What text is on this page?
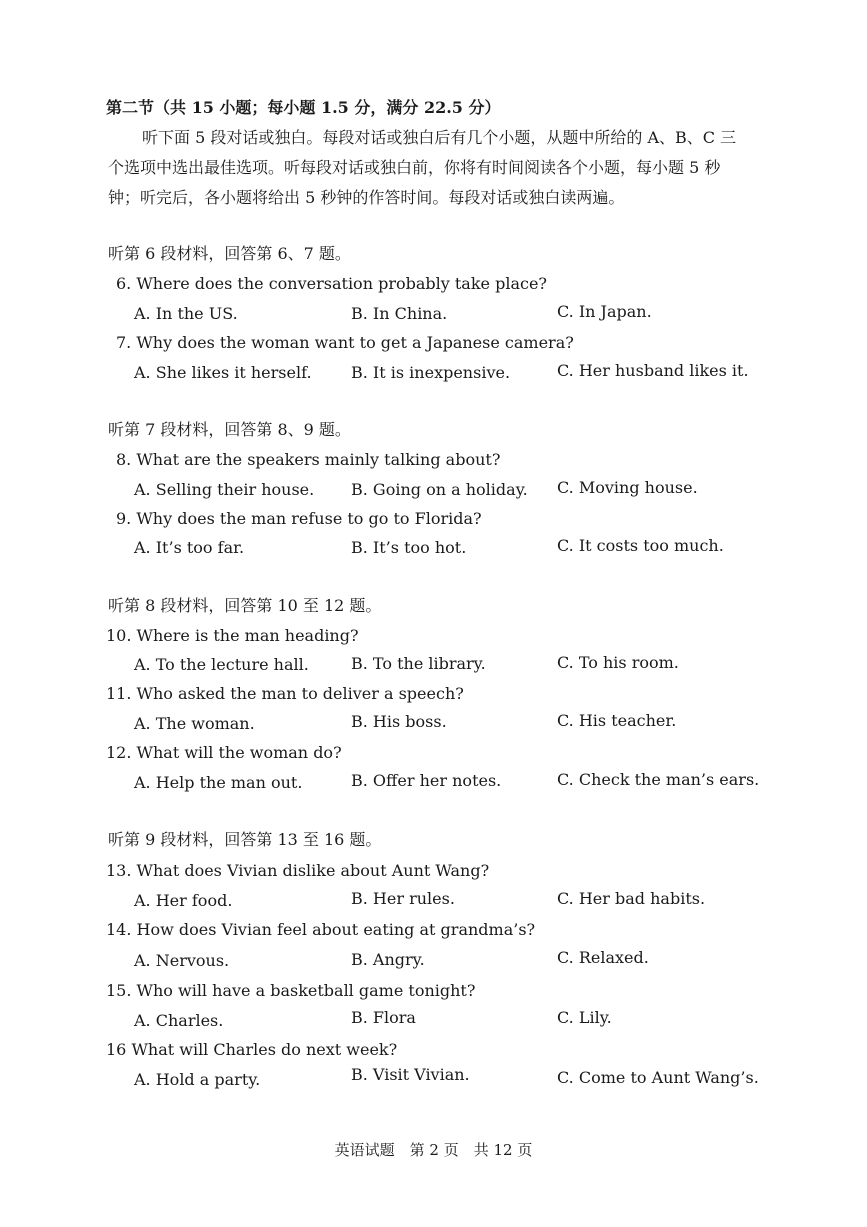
第二节（共 15 小题；每小题 1.5 分，满分 22.5 分）
听下面 5 段对话或独白。每段对话或独白后有几个小题，从题中所给的 A、B、C 三
个选项中选出最佳选项。听每段对话或独白前，你将有时间阅读各个小题，每小题 5 秒
钟；听完后，各小题将给出 5 秒钟的作答时间。每段对话或独白读两遍。
听第 6 段材料，回答第 6、7 题。
6. Where does the conversation probably take place?
A. In the US.	B. In China.	C. In Japan.
7. Why does the woman want to get a Japanese camera?
A. She likes it herself. B. It is inexpensive.	C. Her husband likes it.
听第 7 段材料，回答第 8、9 题。
8. What are the speakers mainly talking about?
A. Selling their house. B. Going on a holiday. C. Moving house.
9. Why does the man refuse to go to Florida?
A. It’s too far.	B. It’s too hot.	C. It costs too much.
听第 8 段材料，回答第 10 至 12 题。
10. Where is the man heading?
A. To the lecture hall.	B. To the library.	C. To his room.
11. Who asked the man to deliver a speech?
A. The woman.	B. His boss.	C. His teacher.
12. What will the woman do?
A. Help the man out.	B. Offer her notes.	C. Check the man’s ears.
听第 9 段材料，回答第 13 至 16 题。
13. What does Vivian dislike about Aunt Wang?
A. Her food.	B. Her rules.	C. Her bad habits.
14. How does Vivian feel about eating at grandma’s?
A. Nervous.	B. Angry.	C. Relaxed.
15. Who will have a basketball game tonight?
A. Charles.	B. Flora	C. Lily.
16 What will Charles do next week?
A. Hold a party.	B. Visit Vivian.	C. Come to Aunt Wang’s.
英语试题　第 2 页　共 12 页
